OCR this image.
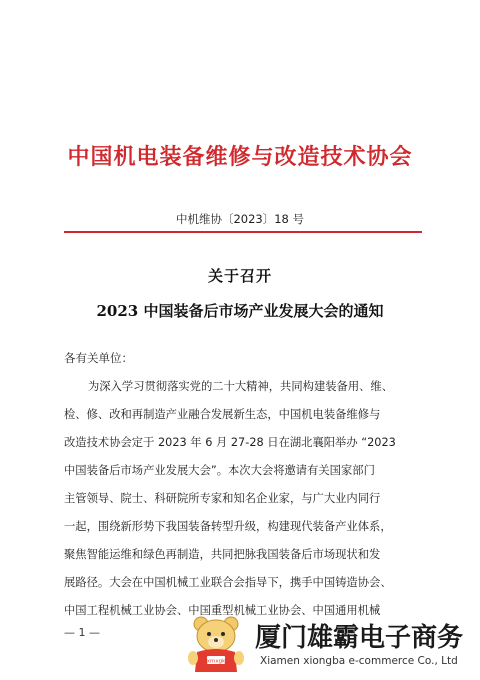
中国机电装备维修与改造技术协会
中机维协〔2023〕18 号
关于召开
2023 中国装备后市场产业发展大会的通知
各有关单位：
为深入学习贯彻落实党的二十大精神，共同构建装备用、维、
检、修、改和再制造产业融合发展新生态，中国机电装备维修与
改造技术协会定于 2023 年 6 月 27-28 日在湖北襄阳举办 “2023
中国装备后市场产业发展大会”。本次大会将邀请有关国家部门
主管领导、院士、科研院所专家和知名企业家，与广大业内同行
一起，围绕新形势下我国装备转型升级，构建现代装备产业体系，
聚焦智能运维和绿色再制造，共同把脉我国装备后市场现状和发
展路径。大会在中国机械工业联合会指导下，携手中国铸造协会、
中国工程机械工业协会、中国重型机械工业协会、中国通用机械
— 1 —
xmxgk
厦门雄霸电子商务
Xiamen xiongba e-commerce Co., Ltd
